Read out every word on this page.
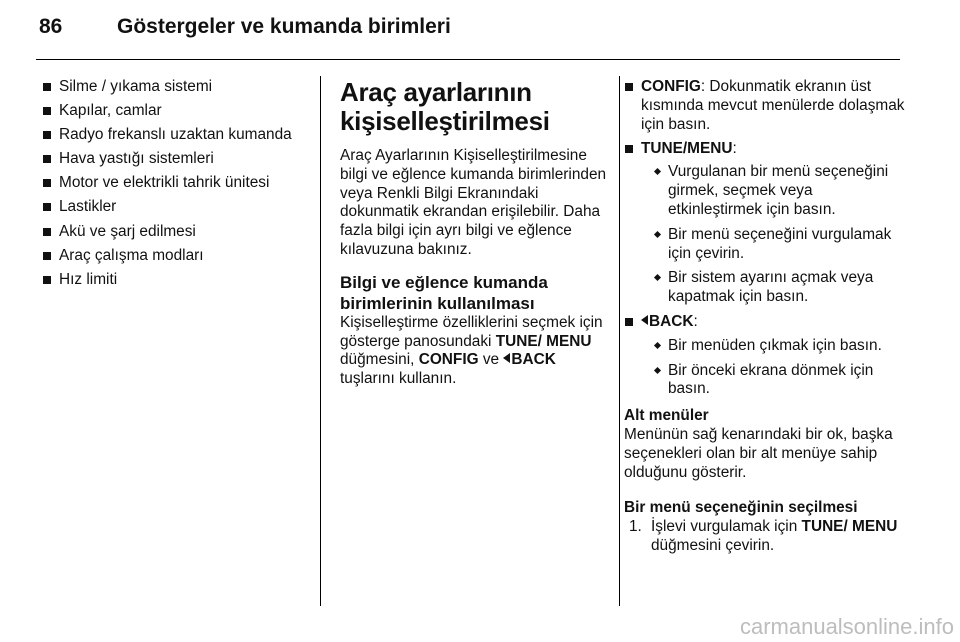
86	Göstergeler ve kumanda birimleri
Silme / yıkama sistemi
Kapılar, camlar
Radyo frekanslı uzaktan kumanda
Hava yastığı sistemleri
Motor ve elektrikli tahrik ünitesi
Lastikler
Akü ve şarj edilmesi
Araç çalışma modları
Hız limiti
Araç ayarlarının kişiselleştirilmesi

Araç Ayarlarının Kişiselleştirilmesine bilgi ve eğlence kumanda birimlerinden veya Renkli Bilgi Ekranındaki dokunmatik ekrandan erişilebilir. Daha fazla bilgi için ayrı bilgi ve eğlence kılavuzuna bakınız.

Bilgi ve eğlence kumanda birimlerinin kullanılması

Kişiselleştirme özelliklerini seçmek için gösterge panosundaki TUNE/ MENU düğmesini, CONFIG ve BACK tuşlarını kullanın.

CONFIG: Dokunmatik ekranın üst kısmında mevcut menülerde dolaşmak için basın.
TUNE/MENU:
Vurgulanan bir menü seçeneğini girmek, seçmek veya etkinleştirmek için basın.
Bir menü seçeneğini vurgulamak için çevirin.
Bir sistem ayarını açmak veya kapatmak için basın.
BACK:
Bir menüden çıkmak için basın.
Bir önceki ekrana dönmek için basın.
Alt menüler

Menünün sağ kenarındaki bir ok, başka seçenekleri olan bir alt menüye sahip olduğunu gösterir.

Bir menü seçeneğinin seçilmesi
1. İşlevi vurgulamak için TUNE/ MENU düğmesini çevirin.
carmanualsonline.info
